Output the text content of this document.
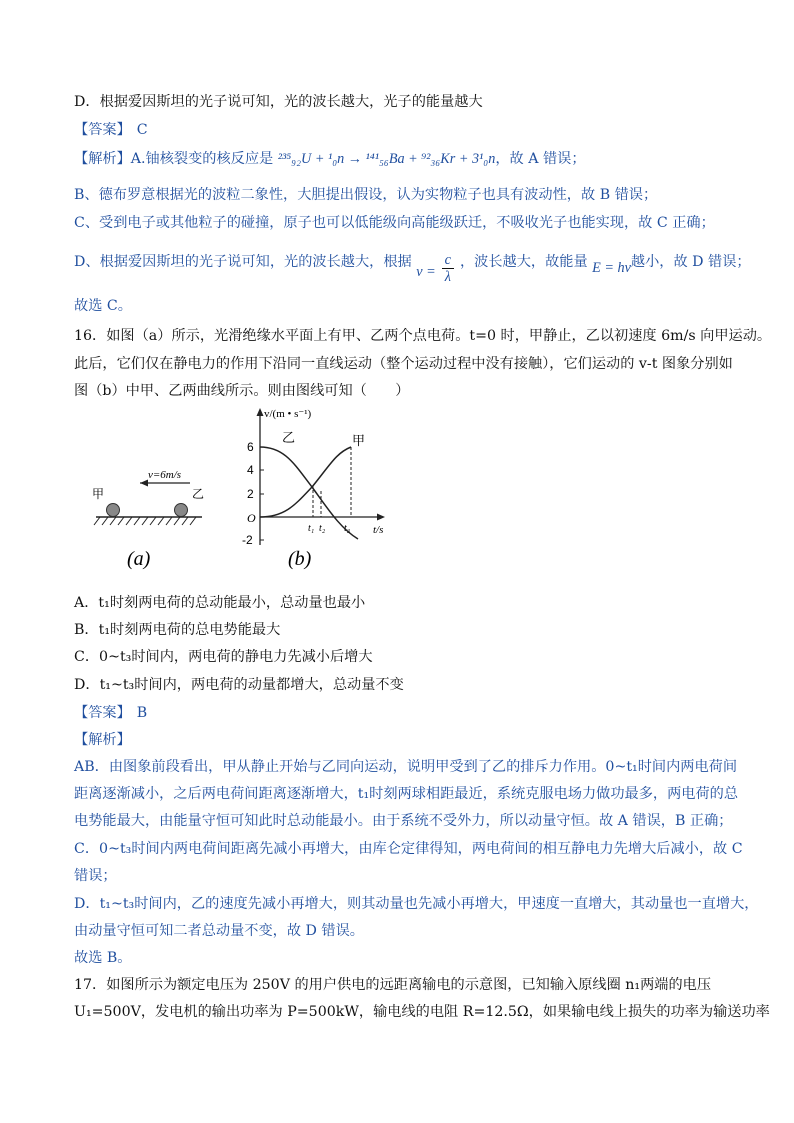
D．根据爱因斯坦的光子说可知，光的波长越大，光子的能量越大
【答案】 C
【解析】A.铀核裂变的核反应是 ²³⁵₉₂U + ¹₀n → ¹⁴¹₅₆Ba + ⁹²₃₆Kr + 3¹₀n，故 A 错误；
B、德布罗意根据光的波粒二象性，大胆提出假设，认为实物粒子也具有波动性，故 B 错误；
C、受到电子或其他粒子的碰撞，原子也可以低能级向高能级跃迁，不吸收光子也能实现，故 C 正确；
D、根据爱因斯坦的光子说可知，光的波长越大，根据 $\nu = \frac{c}{\lambda}$ ，波长越大，故能量 E = hν越小，故 D 错误；
故选 C。
16．如图（a）所示，光滑绝缘水平面上有甲、乙两个点电荷。t=0 时，甲静止，乙以初速度 6m/s 向甲运动。
此后，它们仅在静电力的作用下沿同一直线运动（整个运动过程中没有接触），它们运动的 v-t 图象分别如
图（b）中甲、乙两曲线所示。则由图线可知（　　）
甲	乙
v=6m/s
(a)
v/(m • s⁻¹)
t/s
O
6
4
2
-2
乙	甲
t₁ t₂ t₃
(b)
A．t₁时刻两电荷的总动能最小，总动量也最小
B．t₁时刻两电荷的总电势能最大
C．0~t₃时间内，两电荷的静电力先减小后增大
D．t₁~t₃时间内，两电荷的动量都增大，总动量不变
【答案】 B
【解析】
AB．由图象前段看出，甲从静止开始与乙同向运动，说明甲受到了乙的排斥力作用。0~t₁时间内两电荷间
距离逐渐减小，之后两电荷间距离逐渐增大，t₁时刻两球相距最近，系统克服电场力做功最多，两电荷的总
电势能最大，由能量守恒可知此时总动能最小。由于系统不受外力，所以动量守恒。故 A 错误，B 正确；
C．0~t₃时间内两电荷间距离先减小再增大，由库仑定律得知，两电荷间的相互静电力先增大后减小，故 C
错误；
D．t₁~t₃时间内，乙的速度先减小再增大，则其动量也先减小再增大，甲速度一直增大，其动量也一直增大，
由动量守恒可知二者总动量不变，故 D 错误。
故选 B。
17．如图所示为额定电压为 250V 的用户供电的远距离输电的示意图，已知输入原线圈 n₁两端的电压
U₁=500V，发电机的输出功率为 P=500kW，输电线的电阻 R=12.5Ω，如果输电线上损失的功率为输送功率
